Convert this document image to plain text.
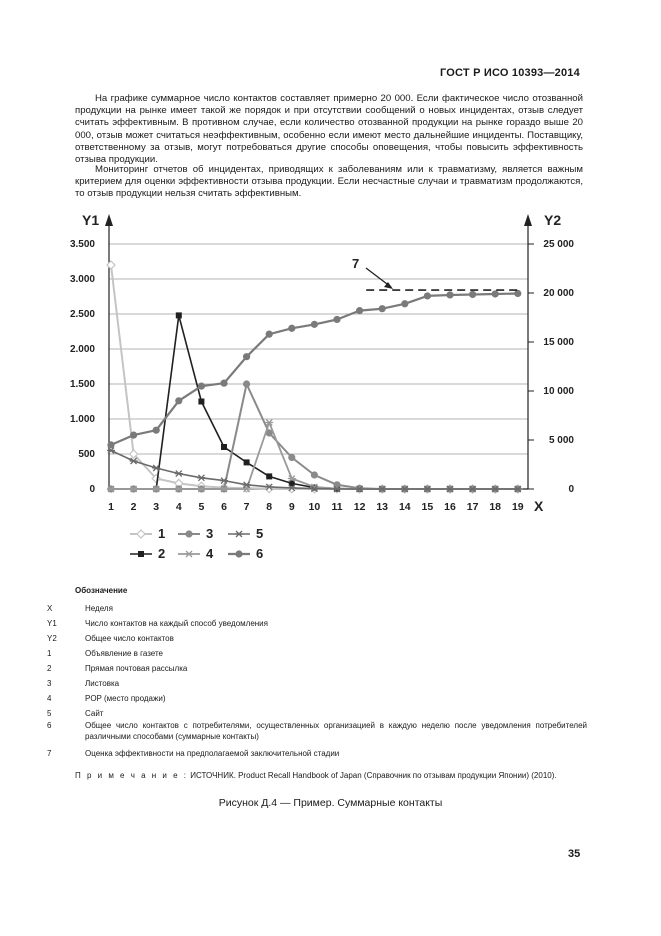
ГОСТ Р ИСО 10393—2014

На графике суммарное число контактов составляет примерно 20 000. Если фактическое число отозванной продукции на рынке имеет такой же порядок и при отсутствии сообщений о новых инцидентах, отзыв следует считать эффективным. В противном случае, если количество отозванной продукции на рынке гораздо выше 20 000, отзыв может считаться неэффективным, особенно если имеют место дальнейшие инциденты. Поставщику, ответственному за отзыв, могут потребоваться другие способы оповещения, чтобы повысить эффективность отзыва продукции.

Мониторинг отчетов об инцидентах, приводящих к заболеваниям или к травматизму, является важным критерием для оценки эффективности отзыва продукции. Если несчастные случаи и травматизм продолжаются, то отзыв продукции нельзя считать эффективным.

0
500
1.000
1.500
2.000
2.500
3.000
3.500
0
5 000
10 000
15 000
20 000
25 000
Y1	Y2
X
1 2 3 4 5 6 7 8 9 10 11 12 13 14 15 16 17 18 19
7
1	3	5
2	4	6
Обозначение
X	Неделя
Y1	Число контактов на каждый способ уведомления
Y2	Общее число контактов
1	Объявление в газете
2	Прямая почтовая рассылка
3	Листовка
4	POP (место продажи)
5	Сайт
6	Общее число контактов с потребителями, осуществленных организацией в каждую неделю после уведомления потребителей различными способами (суммарные контакты)
7	Оценка эффективности на предполагаемой заключительной стадии
П р и м е ч а н и е : ИСТОЧНИК. Product Recall Handbook of Japan (Справочник по отзывам продукции Японии) (2010).
Рисунок Д.4 — Пример. Суммарные контакты
35
